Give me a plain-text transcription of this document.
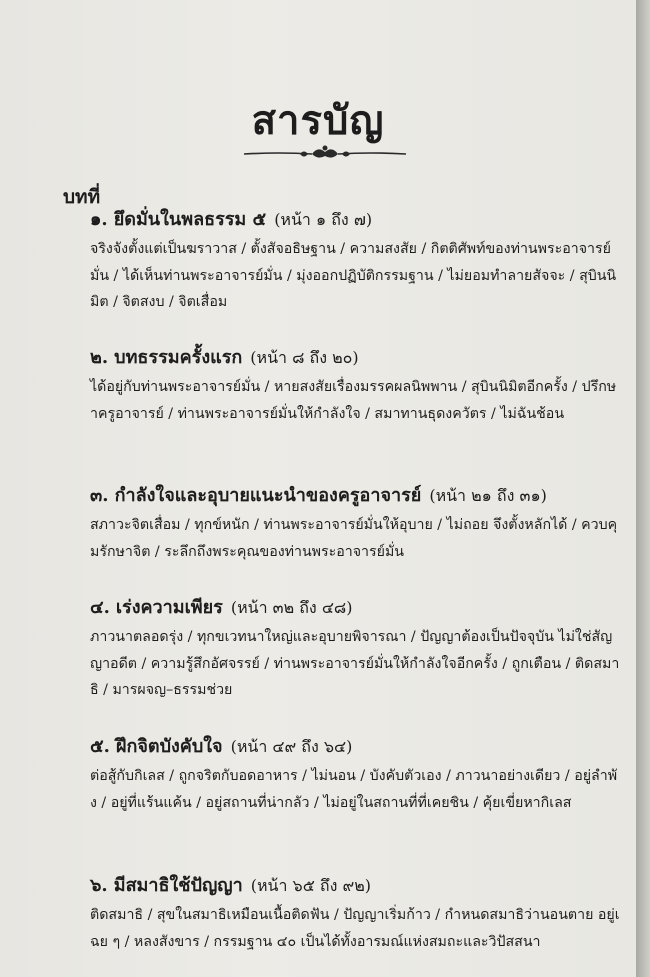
สารบัญ
บทที่
๑. ยึดมั่นในพลธรรม ๕ (หน้า ๑ ถึง ๗)
จริงจังตั้งแต่เป็นฆราวาส / ตั้งสัจอธิษฐาน / ความสงสัย / กิตติศัพท์ของท่านพระอาจารย์มั่น / ได้เห็นท่านพระอาจารย์มั่น / มุ่งออกปฏิบัติกรรมฐาน / ไม่ยอมทำลายสัจจะ / สุบินนิมิต / จิตสงบ / จิตเสื่อม
๒. บทธรรมครั้งแรก (หน้า ๘ ถึง ๒๐)
ได้อยู่กับท่านพระอาจารย์มั่น / หายสงสัยเรื่องมรรคผลนิพพาน / สุบินนิมิตอีกครั้ง / ปรึกษาครูอาจารย์ / ท่านพระอาจารย์มั่นให้กำลังใจ / สมาทานธุดงควัตร / ไม่ฉันช้อน
๓. กำลังใจและอุบายแนะนำของครูอาจารย์ (หน้า ๒๑ ถึง ๓๑)
สภาวะจิตเสื่อม / ทุกข์หนัก / ท่านพระอาจารย์มั่นให้อุบาย / ไม่ถอย จึงตั้งหลักได้ / ควบคุมรักษาจิต / ระลึกถึงพระคุณของท่านพระอาจารย์มั่น
๔. เร่งความเพียร (หน้า ๓๒ ถึง ๔๘)
ภาวนาตลอดรุ่ง / ทุกขเวทนาใหญ่และอุบายพิจารณา / ปัญญาต้องเป็นปัจจุบัน ไม่ใช่สัญญาอดีต / ความรู้สึกอัศจรรย์ / ท่านพระอาจารย์มั่นให้กำลังใจอีกครั้ง / ถูกเตือน / ติดสมาธิ / มารผจญ–ธรรมช่วย
๕. ฝึกจิตบังคับใจ (หน้า ๔๙ ถึง ๖๔)
ต่อสู้กับกิเลส / ถูกจริตกับอดอาหาร / ไม่นอน / บังคับตัวเอง / ภาวนาอย่างเดียว / อยู่ลำพัง / อยู่ที่แร้นแค้น / อยู่สถานที่น่ากลัว / ไม่อยู่ในสถานที่ที่เคยชิน / คุ้ยเขี่ยหากิเลส
๖. มีสมาธิใช้ปัญญา (หน้า ๖๕ ถึง ๙๒)
ติดสมาธิ / สุขในสมาธิเหมือนเนื้อติดฟัน / ปัญญาเริ่มก้าว / กำหนดสมาธิว่านอนตาย อยู่เฉย ๆ / หลงสังขาร / กรรมฐาน ๔๐ เป็นได้ทั้งอารมณ์แห่งสมถะและวิปัสสนา
